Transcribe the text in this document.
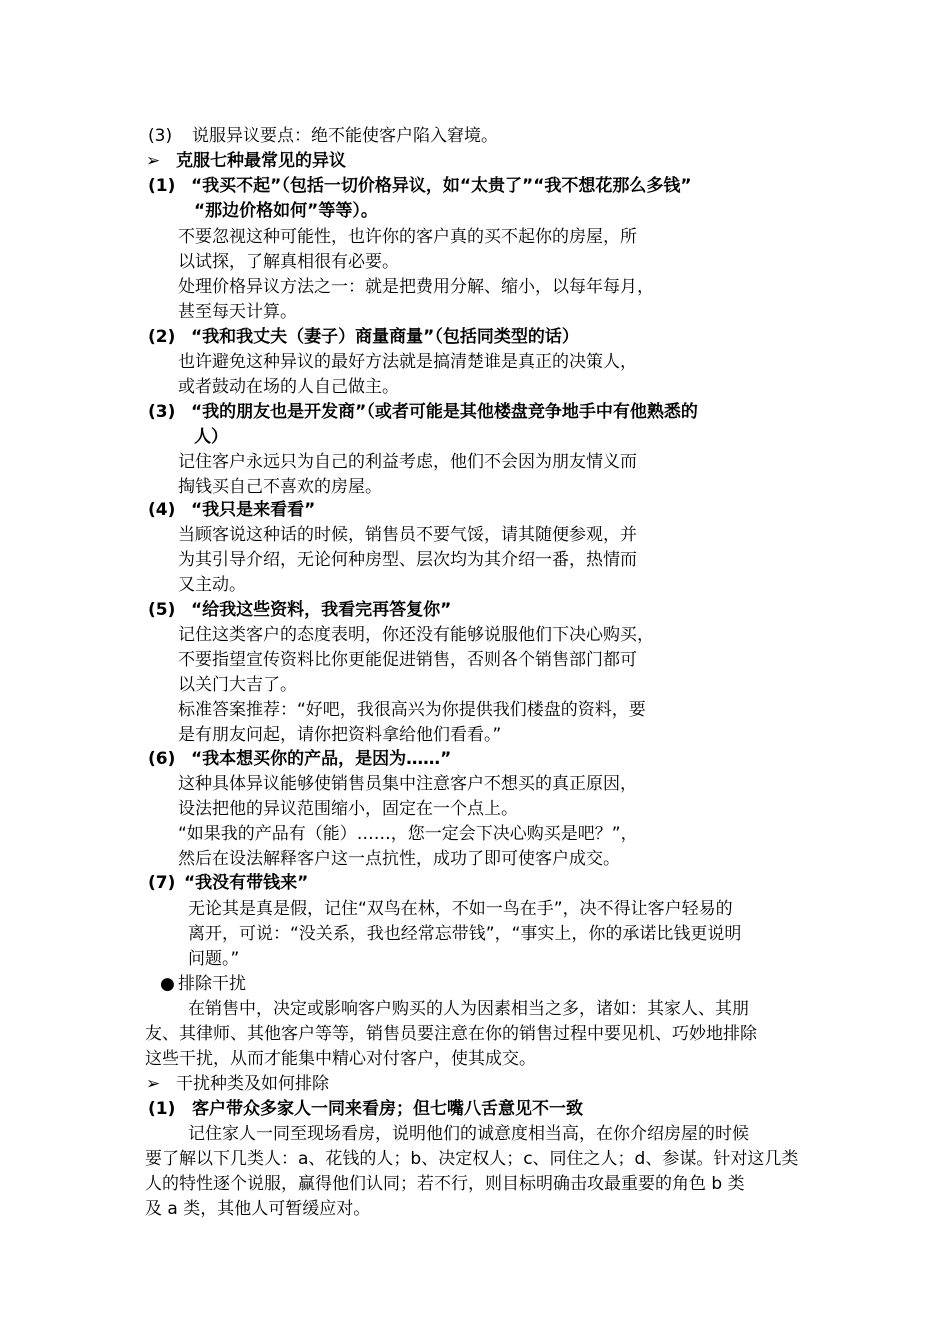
(3) 说服异议要点：绝不能使客户陷入窘境。
➢ 克服七种最常见的异议
(1) “我买不起”（包括一切价格异议，如“太贵了”“我不想花那么多钱”
“那边价格如何”等等）。
不要忽视这种可能性，也许你的客户真的买不起你的房屋，所
以试探，了解真相很有必要。
处理价格异议方法之一：就是把费用分解、缩小，以每年每月，
甚至每天计算。
(2) “我和我丈夫（妻子）商量商量”（包括同类型的话）
也许避免这种异议的最好方法就是搞清楚谁是真正的决策人，
或者鼓动在场的人自己做主。
(3) “我的朋友也是开发商”（或者可能是其他楼盘竞争地手中有他熟悉的
人）
记住客户永远只为自己的利益考虑，他们不会因为朋友情义而
掏钱买自己不喜欢的房屋。
(4) “我只是来看看”
当顾客说这种话的时候，销售员不要气馁，请其随便参观，并
为其引导介绍，无论何种房型、层次均为其介绍一番，热情而
又主动。
(5) “给我这些资料，我看完再答复你”
记住这类客户的态度表明，你还没有能够说服他们下决心购买，
不要指望宣传资料比你更能促进销售，否则各个销售部门都可
以关门大吉了。
标准答案推荐：“好吧，我很高兴为你提供我们楼盘的资料，要
是有朋友问起，请你把资料拿给他们看看。”
(6) “我本想买你的产品，是因为……”
这种具体异议能够使销售员集中注意客户不想买的真正原因，
设法把他的异议范围缩小，固定在一个点上。
“如果我的产品有（能）……，您一定会下决心购买是吧？”，
然后在设法解释客户这一点抗性，成功了即可使客户成交。
(7) “我没有带钱来”
无论其是真是假，记住“双鸟在林，不如一鸟在手”，决不得让客户轻易的
离开，可说：“没关系，我也经常忘带钱”，“事实上，你的承诺比钱更说明
问题。”
● 排除干扰
在销售中，决定或影响客户购买的人为因素相当之多，诸如：其家人、其朋
友、其律师、其他客户等等，销售员要注意在你的销售过程中要见机、巧妙地排除
这些干扰，从而才能集中精心对付客户，使其成交。
➢ 干扰种类及如何排除
(1) 客户带众多家人一同来看房；但七嘴八舌意见不一致
记住家人一同至现场看房，说明他们的诚意度相当高，在你介绍房屋的时候
要了解以下几类人：a、花钱的人；b、决定权人；c、同住之人；d、参谋。针对这几类
人的特性逐个说服，赢得他们认同；若不行，则目标明确击攻最重要的角色 b 类
及 a 类，其他人可暂缓应对。
